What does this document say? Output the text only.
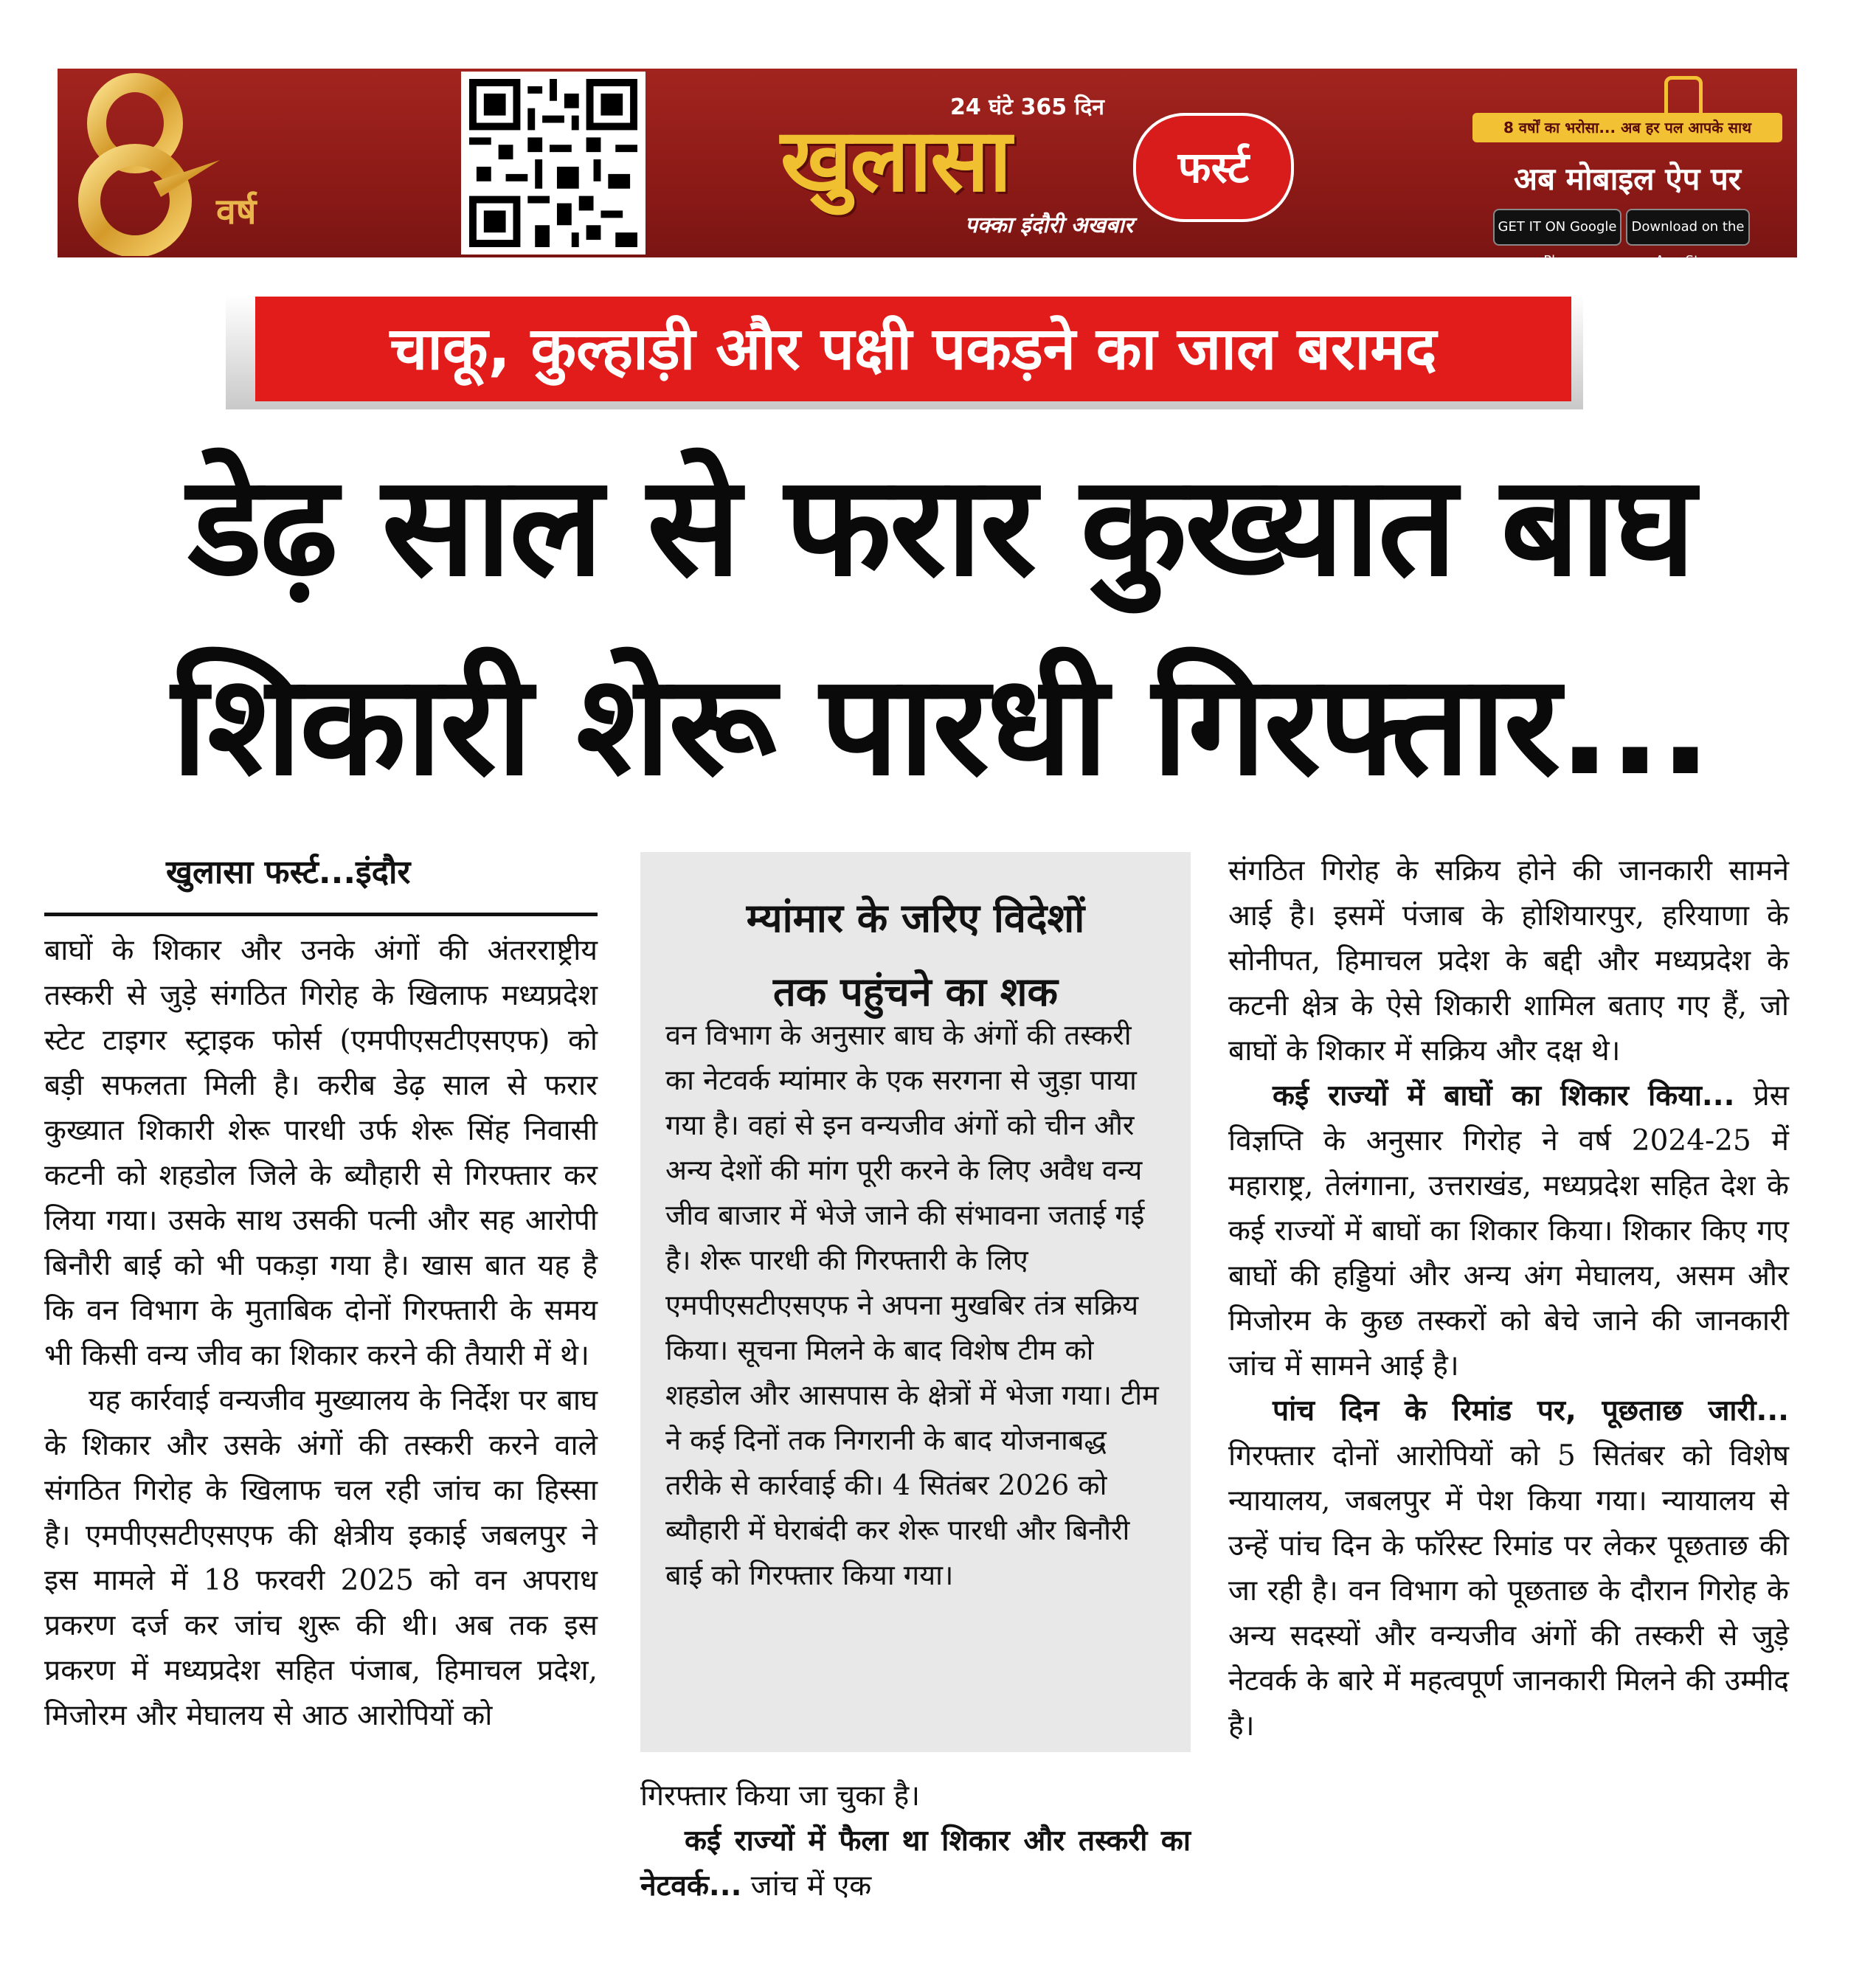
वर्ष
24 घंटे 365 दिन
खुलासा	फर्स्ट
पक्का इंदौरी अखबार
8 वर्षों का भरोसा... अब हर पल आपके साथ
अब मोबाइल ऐप पर
GET IT ON Google Play
Download on the App Store
चाकू, कुल्हाड़ी और पक्षी पकड़ने का जाल बरामद
डेढ़ साल से फरार कुख्यात बाघ
शिकारी शेरू पारधी गिरफ्तार...
खुलासा फर्स्ट...इंदौर

बाघों के शिकार और उनके अंगों की अंतरराष्ट्रीय तस्करी से जुड़े संगठित गिरोह के खिलाफ मध्यप्रदेश स्टेट टाइगर स्ट्राइक फोर्स (एमपीएसटीएसएफ) को बड़ी सफलता मिली है। करीब डेढ़ साल से फरार कुख्यात शिकारी शेरू पारधी उर्फ शेरू सिंह निवासी कटनी को शहडोल जिले के ब्यौहारी से गिरफ्तार कर लिया गया। उसके साथ उसकी पत्नी और सह आरोपी बिनौरी बाई को भी पकड़ा गया है। खास बात यह है कि वन विभाग के मुताबिक दोनों गिरफ्तारी के समय भी किसी वन्य जीव का शिकार करने की तैयारी में थे।

यह कार्रवाई वन्यजीव मुख्यालय के निर्देश पर बाघ के शिकार और उसके अंगों की तस्करी करने वाले संगठित गिरोह के खिलाफ चल रही जांच का हिस्सा है। एमपीएसटीएसएफ की क्षेत्रीय इकाई जबलपुर ने इस मामले में 18 फरवरी 2025 को वन अपराध प्रकरण दर्ज कर जांच शुरू की थी। अब तक इस प्रकरण में मध्यप्रदेश सहित पंजाब, हिमाचल प्रदेश, मिजोरम और मेघालय से आठ आरोपियों को

म्यांमार के जरिए विदेशों
तक पहुंचने का शक
वन विभाग के अनुसार बाघ के अंगों की तस्करी का नेटवर्क म्यांमार के एक सरगना से जुड़ा पाया गया है। वहां से इन वन्यजीव अंगों को चीन और अन्य देशों की मांग पूरी करने के लिए अवैध वन्य जीव बाजार में भेजे जाने की संभावना जताई गई है। शेरू पारधी की गिरफ्तारी के लिए एमपीएसटीएसएफ ने अपना मुखबिर तंत्र सक्रिय किया। सूचना मिलने के बाद विशेष टीम को शहडोल और आसपास के क्षेत्रों में भेजा गया। टीम ने कई दिनों तक निगरानी के बाद योजनाबद्ध तरीके से कार्रवाई की। 4 सितंबर 2026 को ब्यौहारी में घेराबंदी कर शेरू पारधी और बिनौरी बाई को गिरफ्तार किया गया।

गिरफ्तार किया जा चुका है।

कई राज्यों में फैला था शिकार और तस्करी का नेटवर्क... जांच में एक

संगठित गिरोह के सक्रिय होने की जानकारी सामने आई है। इसमें पंजाब के होशियारपुर, हरियाणा के सोनीपत, हिमाचल प्रदेश के बद्दी और मध्यप्रदेश के कटनी क्षेत्र के ऐसे शिकारी शामिल बताए गए हैं, जो बाघों के शिकार में सक्रिय और दक्ष थे।

कई राज्यों में बाघों का शिकार किया... प्रेस विज्ञप्ति के अनुसार गिरोह ने वर्ष 2024-25 में महाराष्ट्र, तेलंगाना, उत्तराखंड, मध्यप्रदेश सहित देश के कई राज्यों में बाघों का शिकार किया। शिकार किए गए बाघों की हड्डियां और अन्य अंग मेघालय, असम और मिजोरम के कुछ तस्करों को बेचे जाने की जानकारी जांच में सामने आई है।

पांच दिन के रिमांड पर, पूछताछ जारी... गिरफ्तार दोनों आरोपियों को 5 सितंबर को विशेष न्यायालय, जबलपुर में पेश किया गया। न्यायालय से उन्हें पांच दिन के फॉरेस्ट रिमांड पर लेकर पूछताछ की जा रही है। वन विभाग को पूछताछ के दौरान गिरोह के अन्य सदस्यों और वन्यजीव अंगों की तस्करी से जुड़े नेटवर्क के बारे में महत्वपूर्ण जानकारी मिलने की उम्मीद है।
